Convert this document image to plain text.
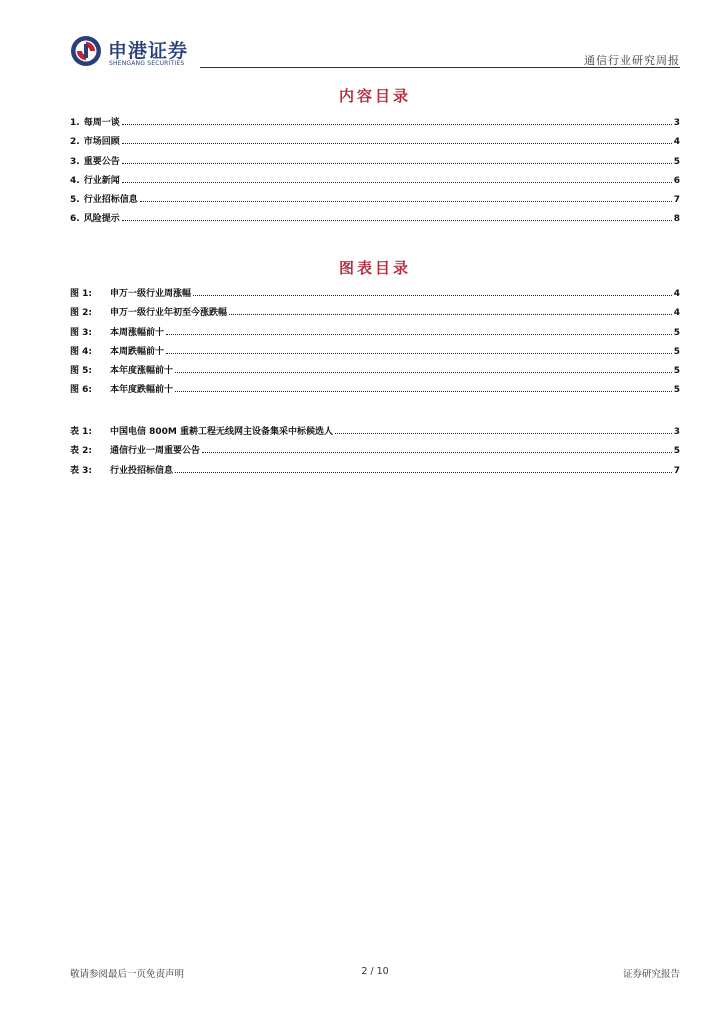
申港证券
SHENGANG SECURITIES	通信行业研究周报
内容目录
1. 每周一谈	3
2. 市场回顾	4
3. 重要公告	5
4. 行业新闻	6
5. 行业招标信息	7
6. 风险提示	8
图表目录
图 1:	申万一级行业周涨幅	4
图 2:	申万一级行业年初至今涨跌幅	4
图 3:	本周涨幅前十	5
图 4:	本周跌幅前十	5
图 5:	本年度涨幅前十	5
图 6:	本年度跌幅前十	5
表 1:	中国电信 800M 重耕工程无线网主设备集采中标候选人	3
表 2:	通信行业一周重要公告	5
表 3:	行业投招标信息	7
敬请参阅最后一页免责声明	2 / 10	证券研究报告
